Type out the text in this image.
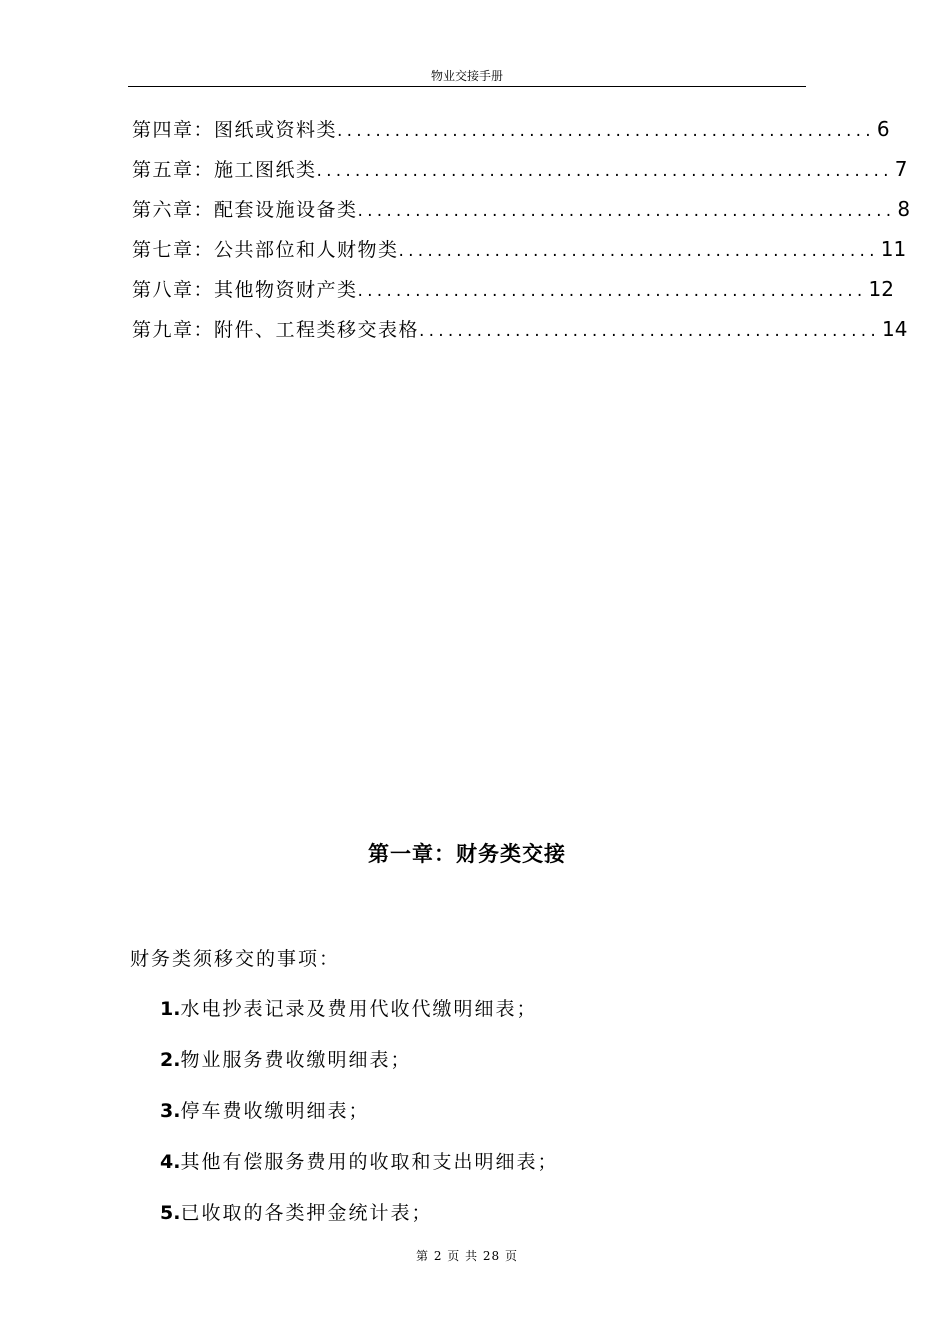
物业交接手册
第四章：图纸或资料类 ........................................................ 6
第五章：施工图纸类 ............................................................ 7
第六章：配套设施设备类 ........................................................ 8
第七章：公共部位和人财物类 .................................................. 11
第八章：其他物资财产类 ..................................................... 12
第九章：附件、工程类移交表格 ................................................ 14
第一章：财务类交接
财务类须移交的事项：
1.水电抄表记录及费用代收代缴明细表；
2.物业服务费收缴明细表；
3.停车费收缴明细表；
4.其他有偿服务费用的收取和支出明细表；
5.已收取的各类押金统计表；
第 2 页 共 28 页
